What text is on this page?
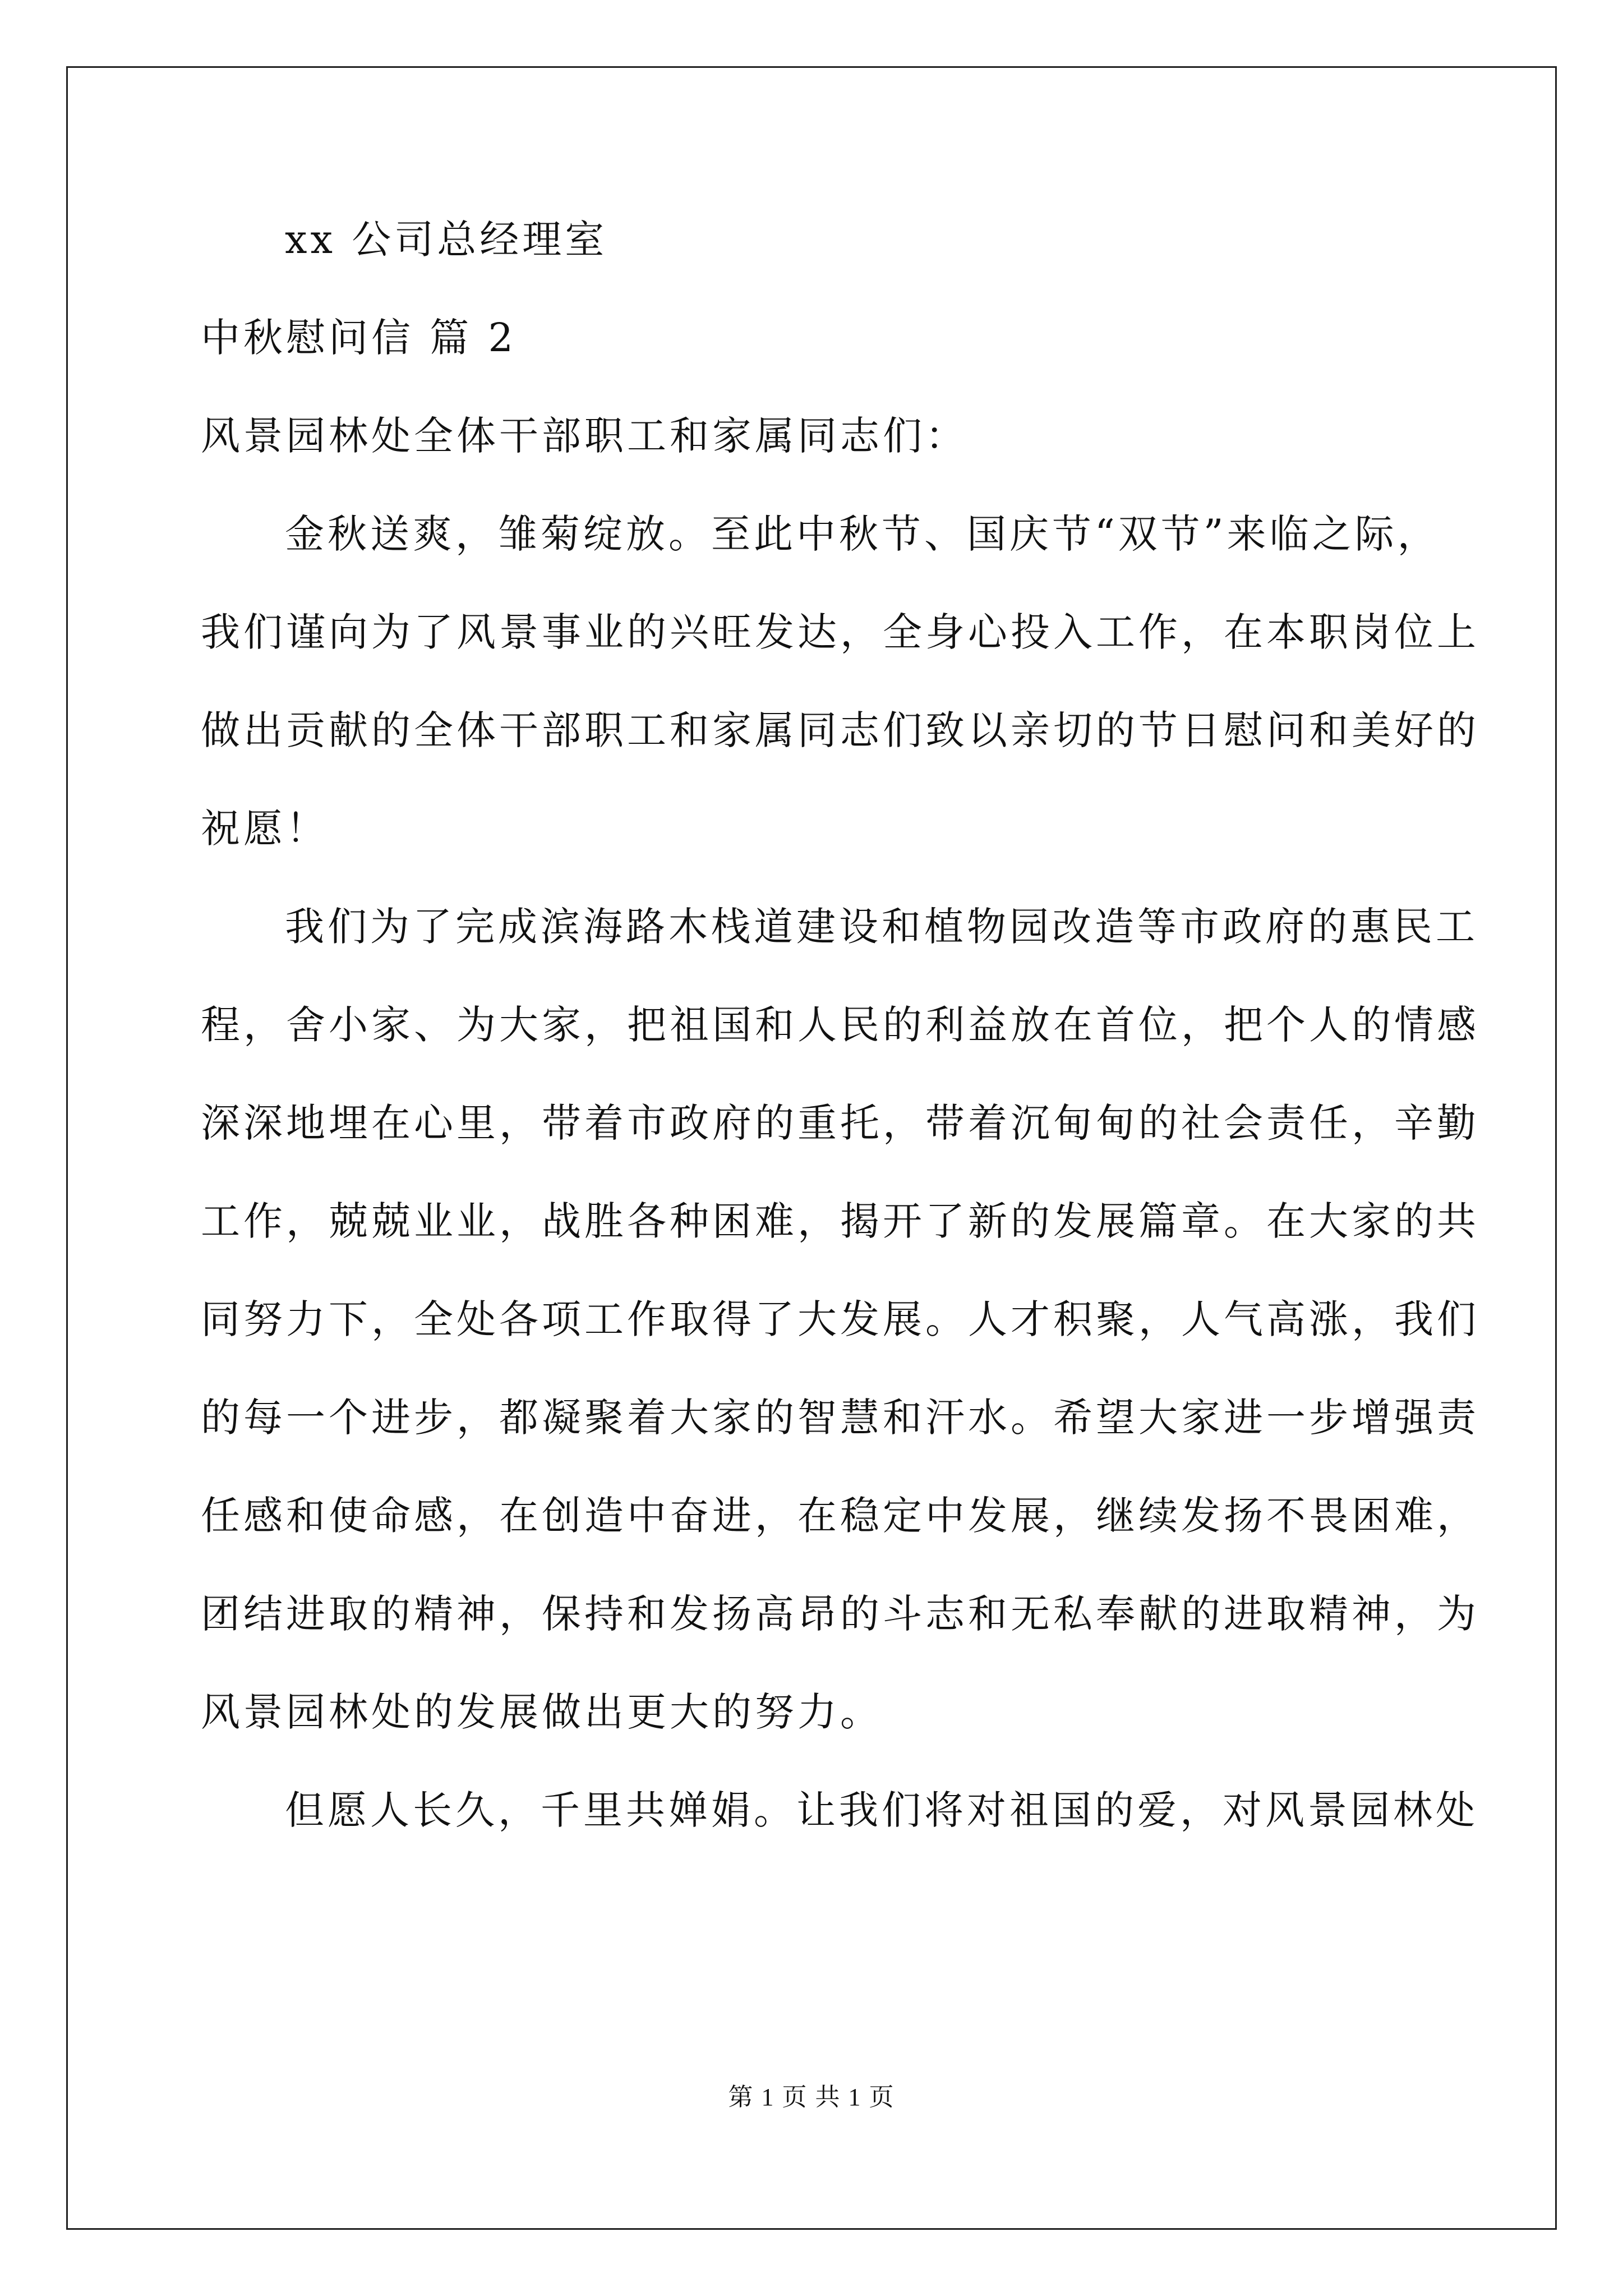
xx 公司总经理室

中秋慰问信 篇 2

风景园林处全体干部职工和家属同志们：

金秋送爽，雏菊绽放。至此中秋节、国庆节“双节”来临之际，

我们谨向为了风景事业的兴旺发达，全身心投入工作，在本职岗位上

做出贡献的全体干部职工和家属同志们致以亲切的节日慰问和美好的

祝愿！

我们为了完成滨海路木栈道建设和植物园改造等市政府的惠民工

程，舍小家、为大家，把祖国和人民的利益放在首位，把个人的情感

深深地埋在心里，带着市政府的重托，带着沉甸甸的社会责任，辛勤

工作，兢兢业业，战胜各种困难，揭开了新的发展篇章。在大家的共

同努力下，全处各项工作取得了大发展。人才积聚，人气高涨，我们

的每一个进步，都凝聚着大家的智慧和汗水。希望大家进一步增强责

任感和使命感，在创造中奋进，在稳定中发展，继续发扬不畏困难，

团结进取的精神，保持和发扬高昂的斗志和无私奉献的进取精神，为

风景园林处的发展做出更大的努力。

但愿人长久，千里共婵娟。让我们将对祖国的爱，对风景园林处

第 1 页 共 1 页
